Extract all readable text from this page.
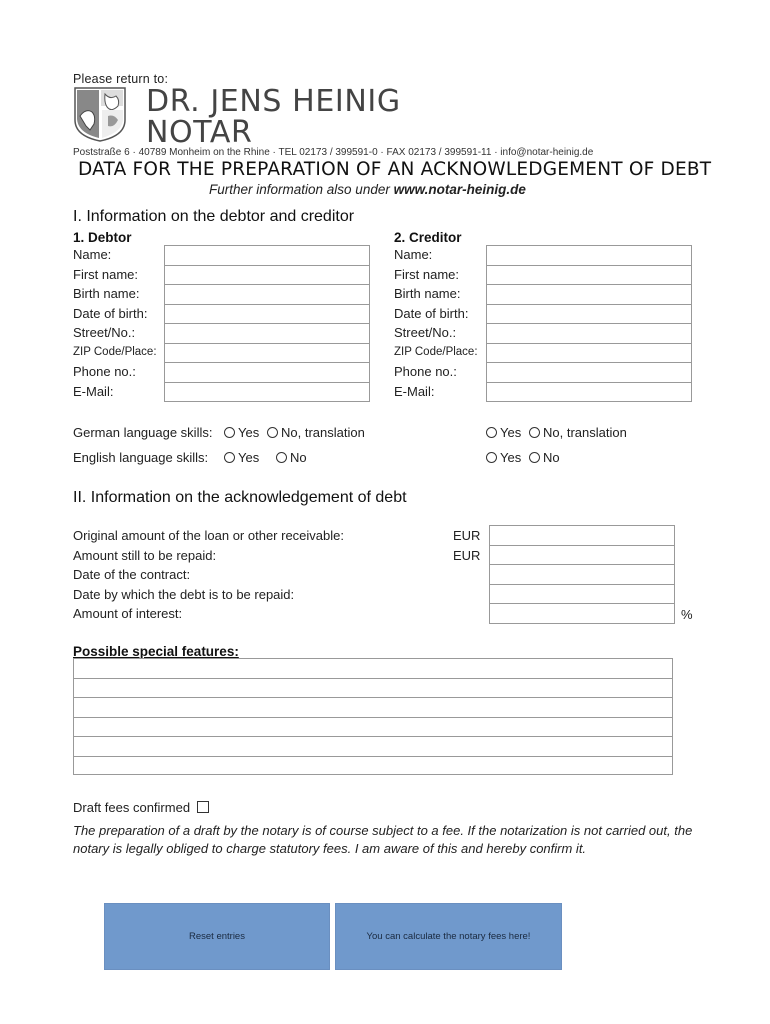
Please return to:
DR. JENS HEINIG
NOTAR
Poststraße 6 · 40789 Monheim on the Rhine · TEL 02173 / 399591-0 · FAX 02173 / 399591-11 · info@notar-heinig.de
DATA FOR THE PREPARATION OF AN ACKNOWLEDGEMENT OF DEBT
Further information also under www.notar-heinig.de
I. Information on the debtor and creditor
1. Debtor	2. Creditor
Name:
First name:
Birth name:
Date of birth:
Street/No.:
ZIP Code/Place:
Phone no.:
E-Mail:
Name:
First name:
Birth name:
Date of birth:
Street/No.:
ZIP Code/Place:
Phone no.:
E-Mail:
German language skills:	Yes	No, translation	Yes	No, translation
English language skills:	Yes	No	Yes	No
II. Information on the acknowledgement of debt
Original amount of the loan or other receivable:	EUR
Amount still to be repaid:	EUR
Date of the contract:
Date by which the debt is to be repaid:
Amount of interest:	%
Possible special features:
Draft fees confirmed
The preparation of a draft by the notary is of course subject to a fee. If the notarization is not carried out, the notary is legally obliged to charge statutory fees. I am aware of this and hereby confirm it.
Reset entries	You can calculate the notary fees here!
